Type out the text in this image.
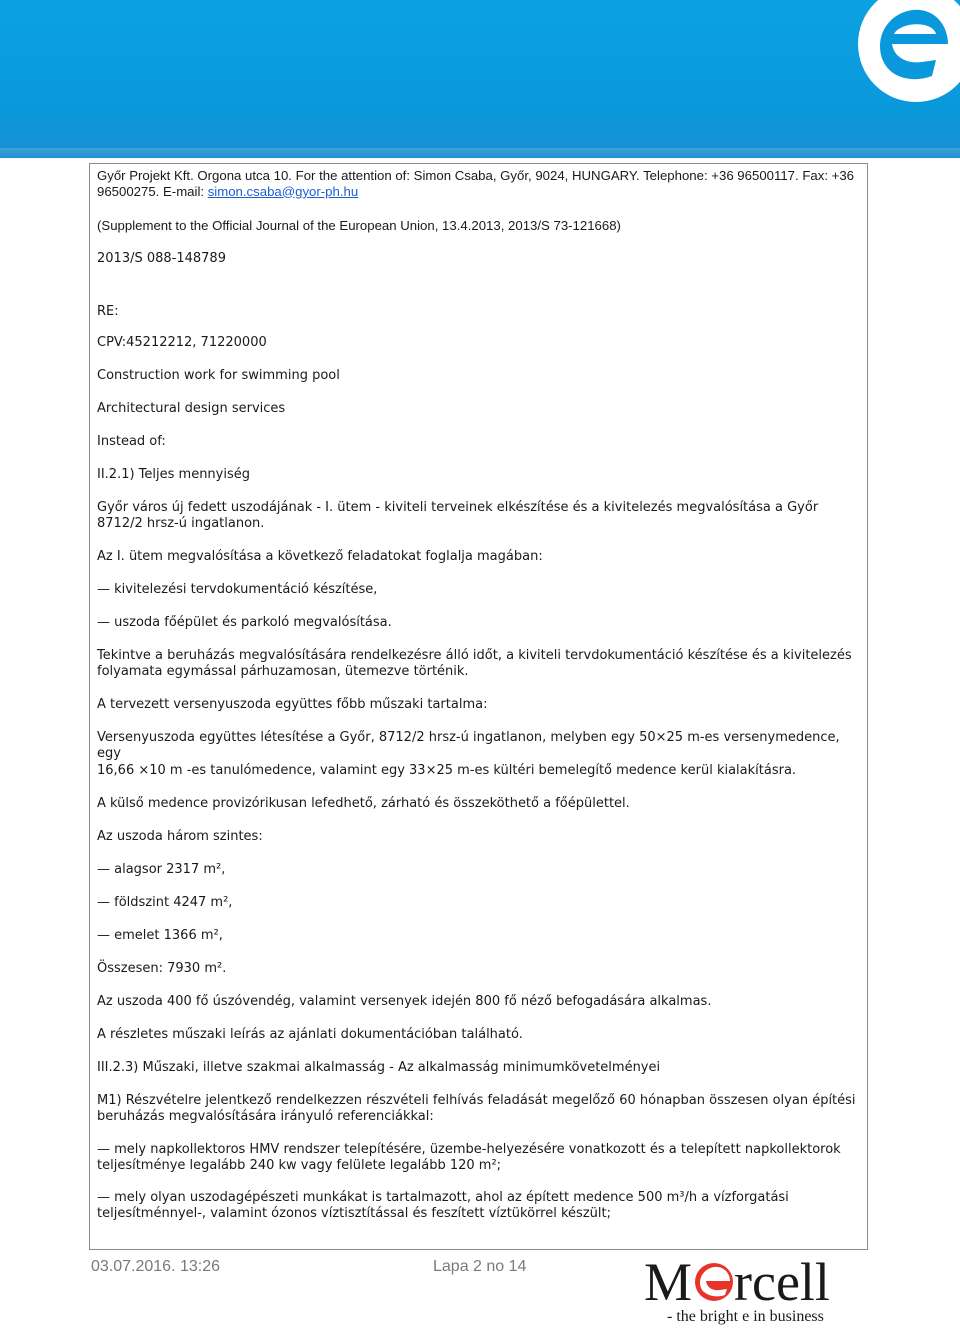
Győr Projekt Kft. Orgona utca 10. For the attention of: Simon Csaba, Győr, 9024, HUNGARY. Telephone: +36 96500117. Fax: +36 96500275. E-mail: simon.csaba@gyor-ph.hu
(Supplement to the Official Journal of the European Union, 13.4.2013, 2013/S 73-121668)
2013/S 088-148789
RE:
CPV:45212212, 71220000
Construction work for swimming pool
Architectural design services
Instead of:
II.2.1) Teljes mennyiség
Győr város új fedett uszodájának - I. ütem - kiviteli terveinek elkészítése és a kivitelezés megvalósítása a Győr 8712/2 hrsz-ú ingatlanon.
Az I. ütem megvalósítása a következő feladatokat foglalja magában:
— kivitelezési tervdokumentáció készítése,
— uszoda főépület és parkoló megvalósítása.
Tekintve a beruházás megvalósítására rendelkezésre álló időt, a kiviteli tervdokumentáció készítése és a kivitelezés folyamata egymással párhuzamosan, ütemezve történik.
A tervezett versenyuszoda együttes főbb műszaki tartalma:
Versenyuszoda együttes létesítése a Győr, 8712/2 hrsz-ú ingatlanon, melyben egy 50×25 m-es versenymedence, egy
16,66 ×10 m -es tanulómedence, valamint egy 33×25 m-es kültéri bemelegítő medence kerül kialakításra.
A külső medence provizórikusan lefedhető, zárható és összeköthető a főépülettel.
Az uszoda három szintes:
— alagsor 2317 m²,
— földszint 4247 m²,
— emelet 1366 m²,
Összesen: 7930 m².
Az uszoda 400 fő úszóvendég, valamint versenyek idején 800 fő néző befogadására alkalmas.
A részletes műszaki leírás az ajánlati dokumentációban található.
III.2.3) Műszaki, illetve szakmai alkalmasság - Az alkalmasság minimumkövetelményei
M1) Részvételre jelentkező rendelkezzen részvételi felhívás feladását megelőző 60 hónapban összesen olyan építési beruházás megvalósítására irányuló referenciákkal:
— mely napkollektoros HMV rendszer telepítésére, üzembe-helyezésére vonatkozott és a telepített napkollektorok teljesítménye legalább 240 kw vagy felülete legalább 120 m²;
— mely olyan uszodagépészeti munkákat is tartalmazott, ahol az épített medence 500 m³/h a vízforgatási teljesítménnyel-, valamint ózonos víztisztítással és feszített víztükörrel készült;
03.07.2016. 13:26	Lapa 2 no 14 M rcell
- the bright e in business
